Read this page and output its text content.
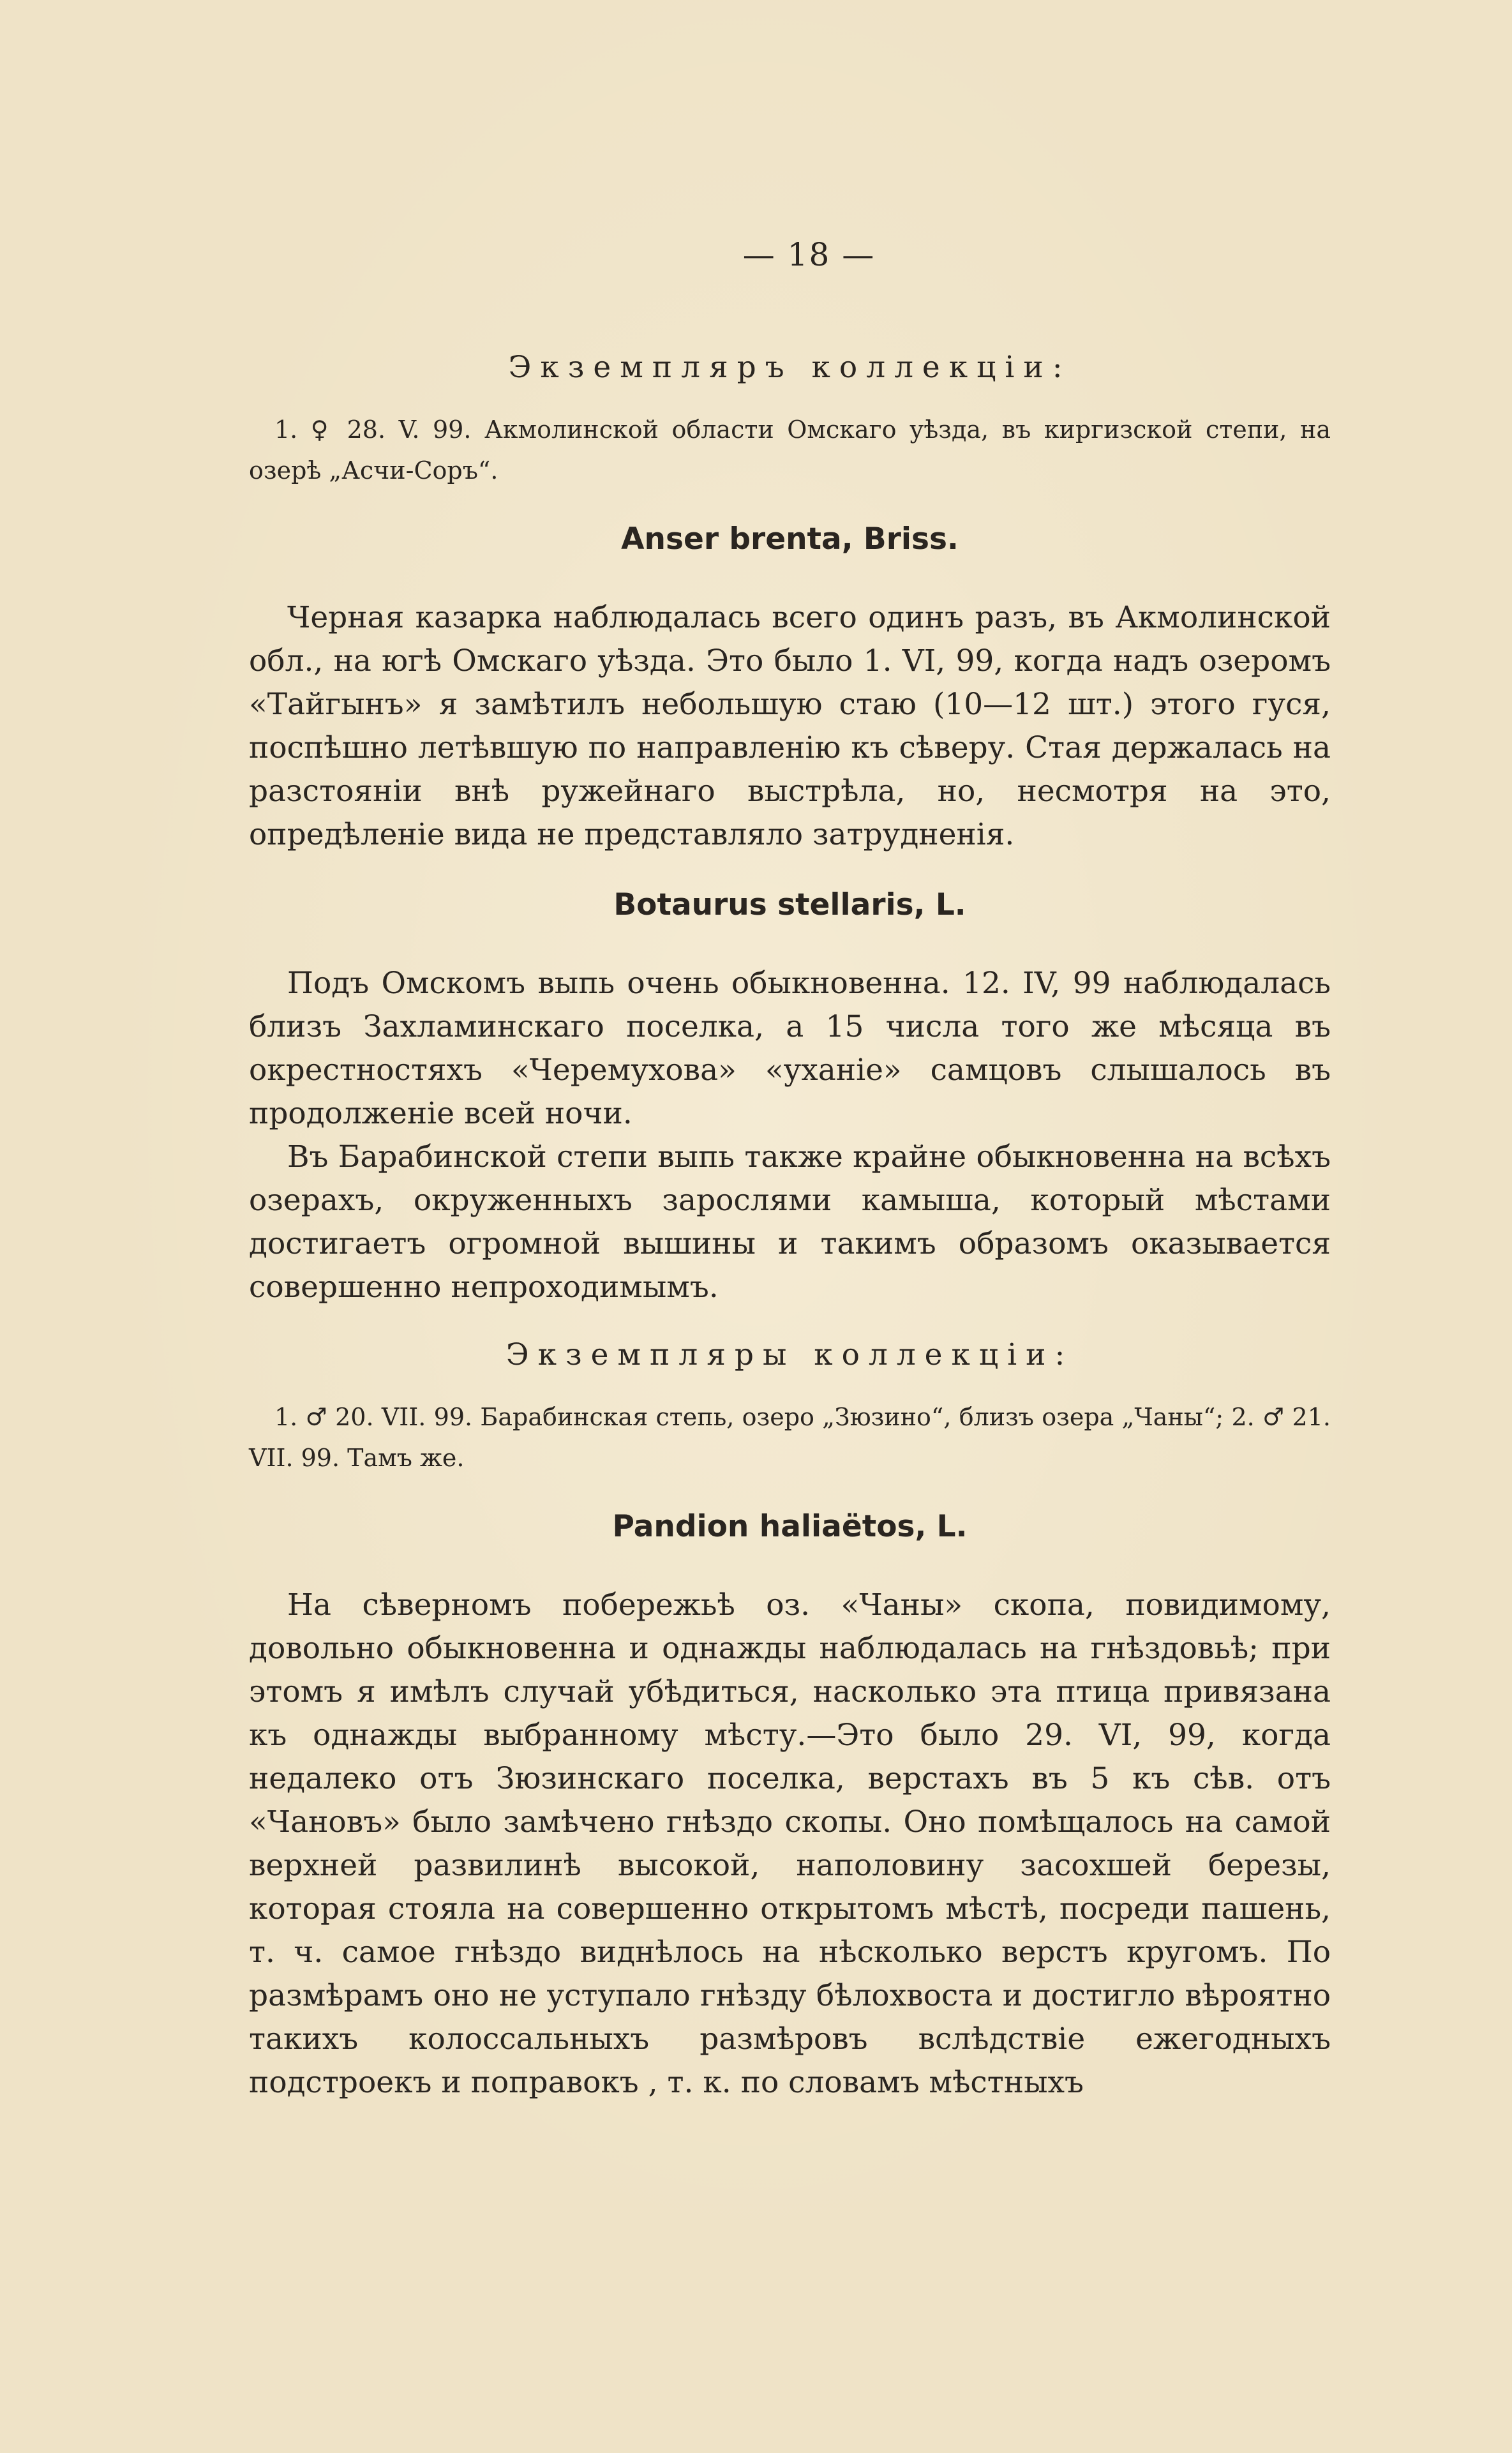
— 18 —
Экземпляръ коллекціи:

1. ♀ 28. V. 99. Акмолинской области Омскаго уѣзда, въ киргизской степи, на озерѣ „Асчи-Соръ“.

Anser brenta, Briss.

Черная казарка наблюдалась всего одинъ разъ, въ Акмолинской обл., на югѣ Омскаго уѣзда. Это было 1. VI, 99, когда надъ озеромъ «Тайгынъ» я замѣтилъ небольшую стаю (10—12 шт.) этого гуся, поспѣшно летѣвшую по направленію къ сѣверу. Стая держалась на разстояніи внѣ ружейнаго выстрѣла, но, несмотря на это, опредѣленіе вида не представляло затрудненія.

Botaurus stellaris, L.

Подъ Омскомъ выпь очень обыкновенна. 12. IV, 99 наблюдалась близъ Захламинскаго поселка, а 15 числа того же мѣсяца въ окрестностяхъ «Черемухова» «уханіе» самцовъ слышалось въ продолженіе всей ночи.

Въ Барабинской степи выпь также крайне обыкновенна на всѣхъ озерахъ, окруженныхъ зарослями камыша, который мѣстами достигаетъ огромной вышины и такимъ образомъ оказывается совершенно непроходимымъ.

Экземпляры коллекціи:

1. ♂ 20. VII. 99. Барабинская степь, озеро „Зюзино“, близъ озера „Чаны“; 2. ♂ 21. VII. 99. Тамъ же.

Pandion haliaëtos, L.

На сѣверномъ побережьѣ оз. «Чаны» скопа, повидимому, довольно обыкновенна и однажды наблюдалась на гнѣздовьѣ; при этомъ я имѣлъ случай убѣдиться, насколько эта птица привязана къ однажды выбранному мѣсту.—Это было 29. VI, 99, когда недалеко отъ Зюзинскаго поселка, верстахъ въ 5 къ сѣв. отъ «Чановъ» было замѣчено гнѣздо скопы. Оно помѣщалось на самой верхней развилинѣ высокой, наполовину засохшей березы, которая стояла на совершенно открытомъ мѣстѣ, посреди пашень, т. ч. самое гнѣздо виднѣлось на нѣсколько верстъ кругомъ. По размѣрамъ оно не уступало гнѣзду бѣлохвоста и достигло вѣроятно такихъ колоссальныхъ размѣровъ вслѣдствіе ежегодныхъ подстроекъ и поправокъ , т. к. по словамъ мѣстныхъ
